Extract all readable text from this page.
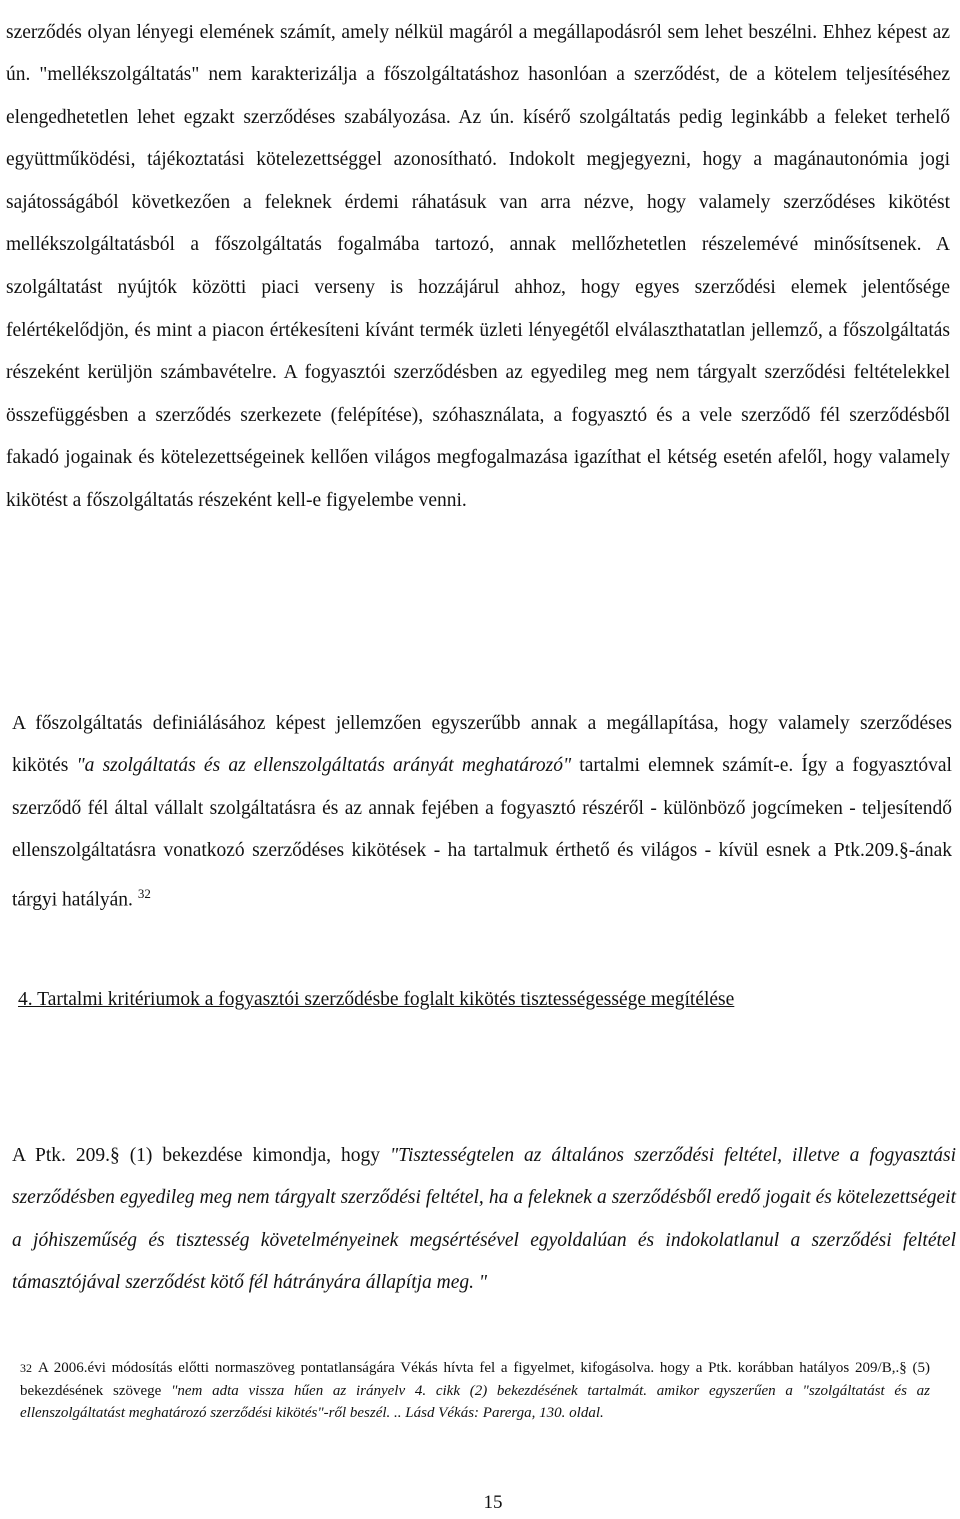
szerződés olyan lényegi elemének számít, amely nélkül magáról a megállapodásról sem lehet beszélni. Ehhez képest az ún. "mellékszolgáltatás" nem karakterizálja a főszolgáltatáshoz hasonlóan a szerződést, de a kötelem teljesítéséhez elengedhetetlen lehet egzakt szerződéses szabályozása. Az ún. kísérő szolgáltatás pedig leginkább a feleket terhelő együttműködési, tájékoztatási kötelezettséggel azonosítható. Indokolt megjegyezni, hogy a magánautonómia jogi sajátosságából következően a feleknek érdemi ráhatásuk van arra nézve, hogy valamely szerződéses kikötést mellékszolgáltatásból a főszolgáltatás fogalmába tartozó, annak mellőzhetetlen részelemévé minősítsenek. A szolgáltatást nyújtók közötti piaci verseny is hozzájárul ahhoz, hogy egyes szerződési elemek jelentősége felértékelődjön, és mint a piacon értékesíteni kívánt termék üzleti lényegétől elválaszthatatlan jellemző, a főszolgáltatás részeként kerüljön számbavételre. A fogyasztói szerződésben az egyedileg meg nem tárgyalt szerződési feltételekkel összefüggésben a szerződés szerkezete (felépítése), szóhasználata, a fogyasztó és a vele szerződő fél szerződésből fakadó jogainak és kötelezettségeinek kellően világos megfogalmazása igazíthat el kétség esetén afelől, hogy valamely kikötést a főszolgáltatás részeként kell-e figyelembe venni.

A főszolgáltatás definiálásához képest jellemzően egyszerűbb annak a megállapítása, hogy valamely szerződéses kikötés "a szolgáltatás és az ellenszolgáltatás arányát meghatározó" tartalmi elemnek számít-e. Így a fogyasztóval szerződő fél által vállalt szolgáltatásra és az annak fejében a fogyasztó részéről - különböző jogcímeken - teljesítendő ellenszolgáltatásra vonatkozó szerződéses kikötések - ha tartalmuk érthető és világos - kívül esnek a Ptk.209.§-ának tárgyi hatályán. $^{32}$

4. Tartalmi kritériumok a fogyasztói szerződésbe foglalt kikötés tisztességessége megítélése

A Ptk. 209.§ (1) bekezdése kimondja, hogy "Tisztességtelen az általános szerződési feltétel, illetve a fogyasztási szerződésben egyedileg meg nem tárgyalt szerződési feltétel, ha a feleknek a szerződésből eredő jogait és kötelezettségeit a jóhiszeműség és tisztesség követelményeinek megsértésével egyoldalúan és indokolatlanul a szerződési feltétel támasztójával szerződést kötő fél hátrányára állapítja meg. "

32 A 2006.évi módosítás előtti normaszöveg pontatlanságára Vékás hívta fel a figyelmet, kifogásolva. hogy a Ptk. korábban hatályos 209/B,.§ (5) bekezdésének szövege "nem adta vissza hűen az irányelv 4. cikk (2) bekezdésének tartalmát. amikor egyszerűen a "szolgáltatást és az ellenszolgáltatást meghatározó szerződési kikötés"-ről beszél. .. Lásd Vékás: Parerga, 130. oldal.
15
